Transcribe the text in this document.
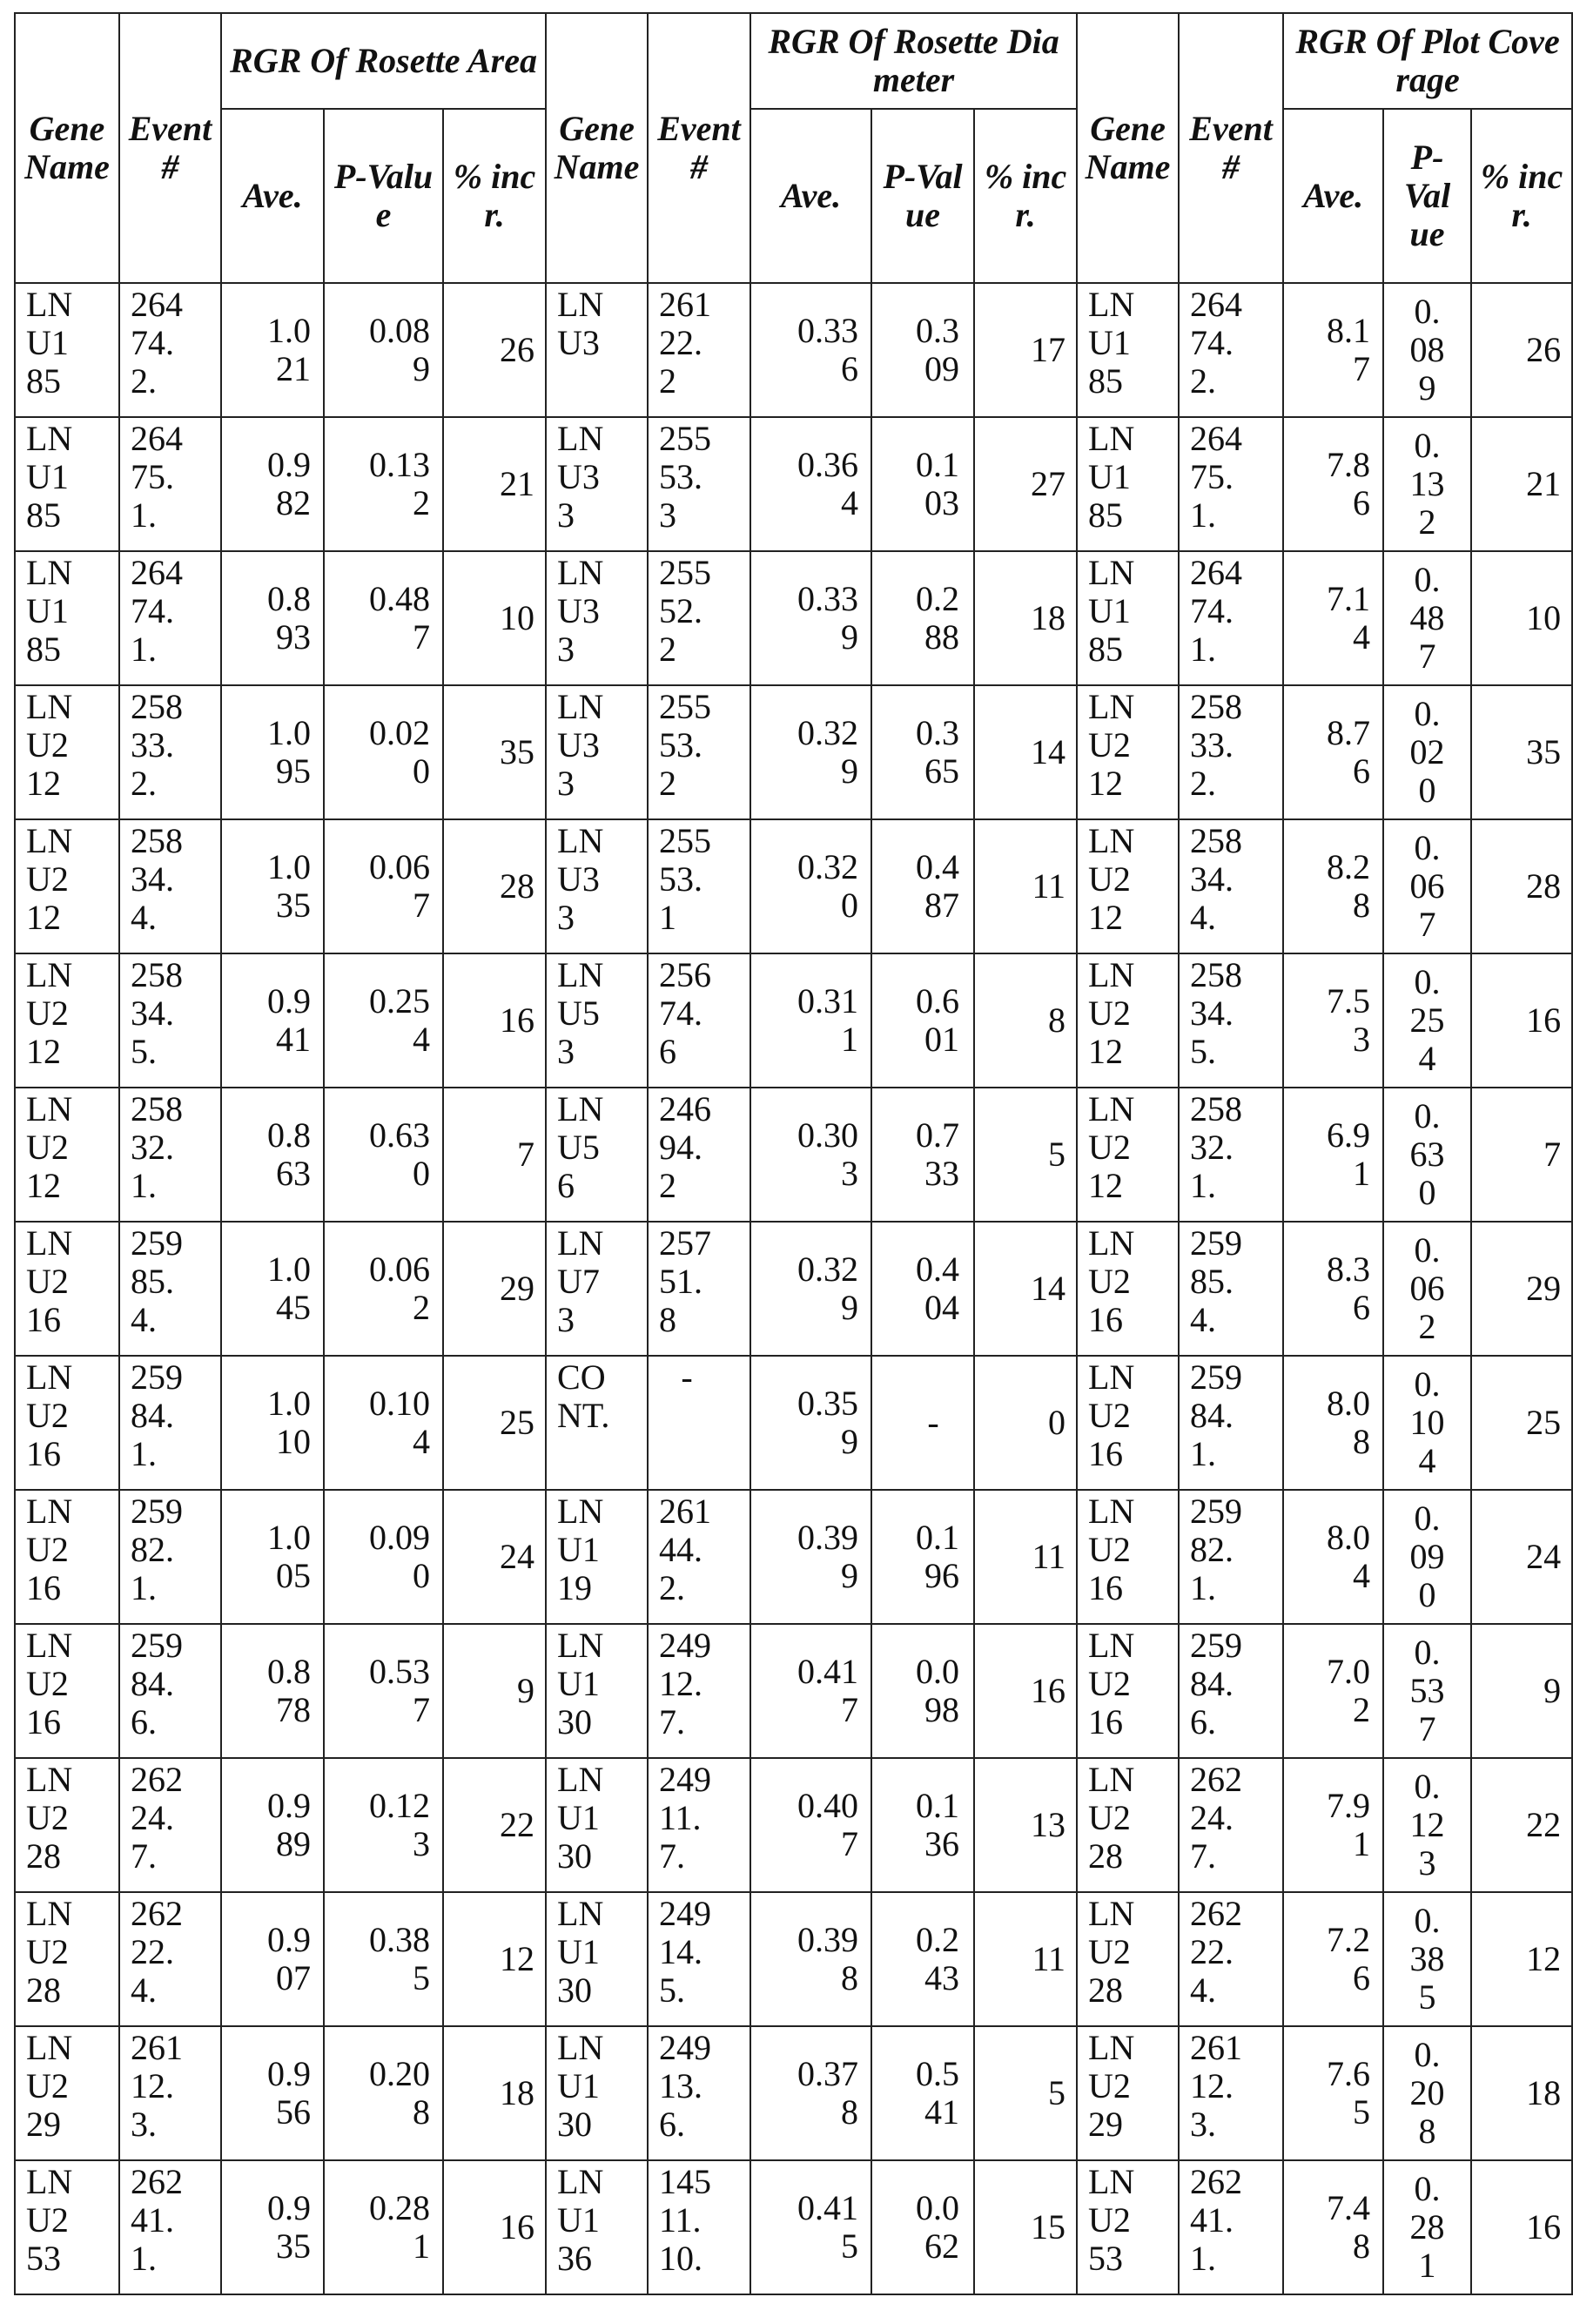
Gene Name	Event #	RGR Of Rosette Area	Gene Name	Event #	RGR Of Rosette Diameter	Gene Name	Event #	RGR Of Plot Coverage
Ave.	P-Value	% incr.	Ave.	P-Value	% incr.	Ave.	P-Value	% incr.
LNU185	26474.2.	1.021	0.089	26	LNU3	26122.2	0.336	0.309	17	LNU185	26474.2.	8.17	0.089	26
LNU185	26475.1.	0.982	0.132	21	LNU33	25553.3	0.364	0.103	27	LNU185	26475.1.	7.86	0.132	21
LNU185	26474.1.	0.893	0.487	10	LNU33	25552.2	0.339	0.288	18	LNU185	26474.1.	7.14	0.487	10
LNU212	25833.2.	1.095	0.020	35	LNU33	25553.2	0.329	0.365	14	LNU212	25833.2.	8.76	0.020	35
LNU212	25834.4.	1.035	0.067	28	LNU33	25553.1	0.320	0.487	11	LNU212	25834.4.	8.28	0.067	28
LNU212	25834.5.	0.941	0.254	16	LNU53	25674.6	0.311	0.601	8	LNU212	25834.5.	7.53	0.254	16
LNU212	25832.1.	0.863	0.630	7	LNU56	24694.2	0.303	0.733	5	LNU212	25832.1.	6.91	0.630	7
LNU216	25985.4.	1.045	0.062	29	LNU73	25751.8	0.329	0.404	14	LNU216	25985.4.	8.36	0.062	29
LNU216	25984.1.	1.010	0.104	25	CONT.	-	0.359	-	0	LNU216	25984.1.	8.08	0.104	25
LNU216	25982.1.	1.005	0.090	24	LNU119	26144.2.	0.399	0.196	11	LNU216	25982.1.	8.04	0.090	24
LNU216	25984.6.	0.878	0.537	9	LNU130	24912.7.	0.417	0.098	16	LNU216	25984.6.	7.02	0.537	9
LNU228	26224.7.	0.989	0.123	22	LNU130	24911.7.	0.407	0.136	13	LNU228	26224.7.	7.91	0.123	22
LNU228	26222.4.	0.907	0.385	12	LNU130	24914.5.	0.398	0.243	11	LNU228	26222.4.	7.26	0.385	12
LNU229	26112.3.	0.956	0.208	18	LNU130	24913.6.	0.378	0.541	5	LNU229	26112.3.	7.65	0.208	18
LNU253	26241.1.	0.935	0.281	16	LNU136	14511.10.	0.415	0.062	15	LNU253	26241.1.	7.48	0.281	16
